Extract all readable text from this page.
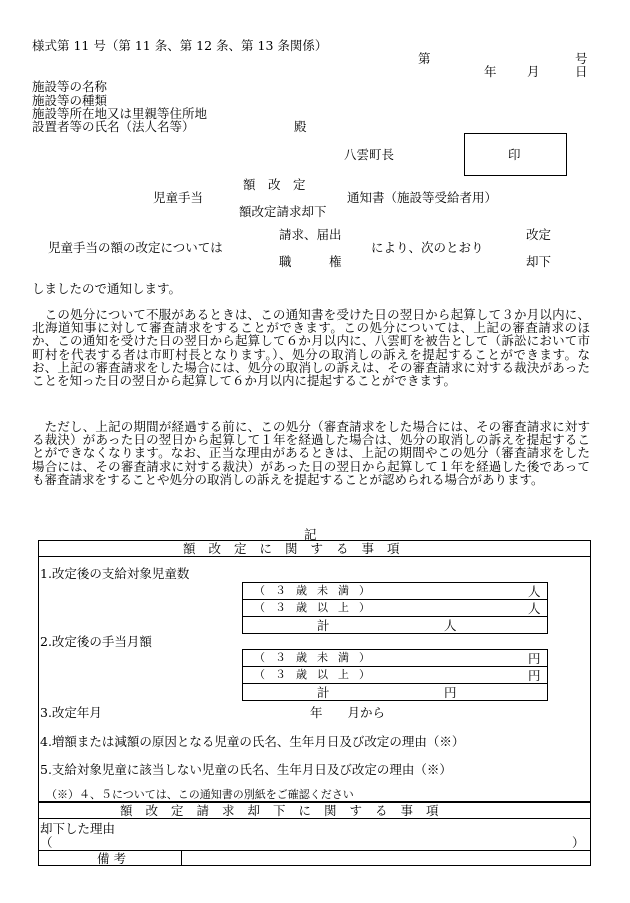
様式第 11 号（第 11 条、第 12 条、第 13 条関係）
第	号
年 月	日
施設等の名称
施設等の種類
施設等所在地又は里親等住所地
設置者等の氏名（法人名等）	殿
八雲町長	印
額　改　定
児童手当	通知書（施設等受給者用）
額改定請求却下
請求、届出	改定
児童手当の額の改定については	により、次のとおり
職　　　権	却下
しましたので通知します。
　この処分について不服があるときは、この通知書を受けた日の翌日から起算して３か月以内に、北海道知事に対して審査請求をすることができます。この処分については、上記の審査請求のほか、この通知を受けた日の翌日から起算して６か月以内に、八雲町を被告として（訴訟において市町村を代表する者は市町村長となります。）、処分の取消しの訴えを提起することができます。なお、上記の審査請求をした場合には、処分の取消しの訴えは、その審査請求に対する裁決があったことを知った日の翌日から起算して６か月以内に提起することができます。
　ただし、上記の期間が経過する前に、この処分（審査請求をした場合には、その審査請求に対する裁決）があった日の翌日から起算して１年を経過した場合は、処分の取消しの訴えを提起することができなくなります。なお、正当な理由があるときは、上記の期間やこの処分（審査請求をした場合には、その審査請求に対する裁決）があった日の翌日から起算して１年を経過した後であっても審査請求をすることや処分の取消しの訴えを提起することが認められる場合があります。
記
額改定に関する事項
1.改定後の支給対象児童数
（３歳未満）	人
（３歳以上）	人
計	人
2.改定後の手当月額
（３歳未満）	円
（３歳以上）	円
計	円
3.改定年月	年　　月から
4.増額または減額の原因となる児童の氏名、生年月日及び改定の理由（※）
5.支給対象児童に該当しない児童の氏名、生年月日及び改定の理由（※）
（※）４、５については、この通知書の別紙をご確認ください
額改定請求却下に関する事項
却下した理由
（	）
備考
